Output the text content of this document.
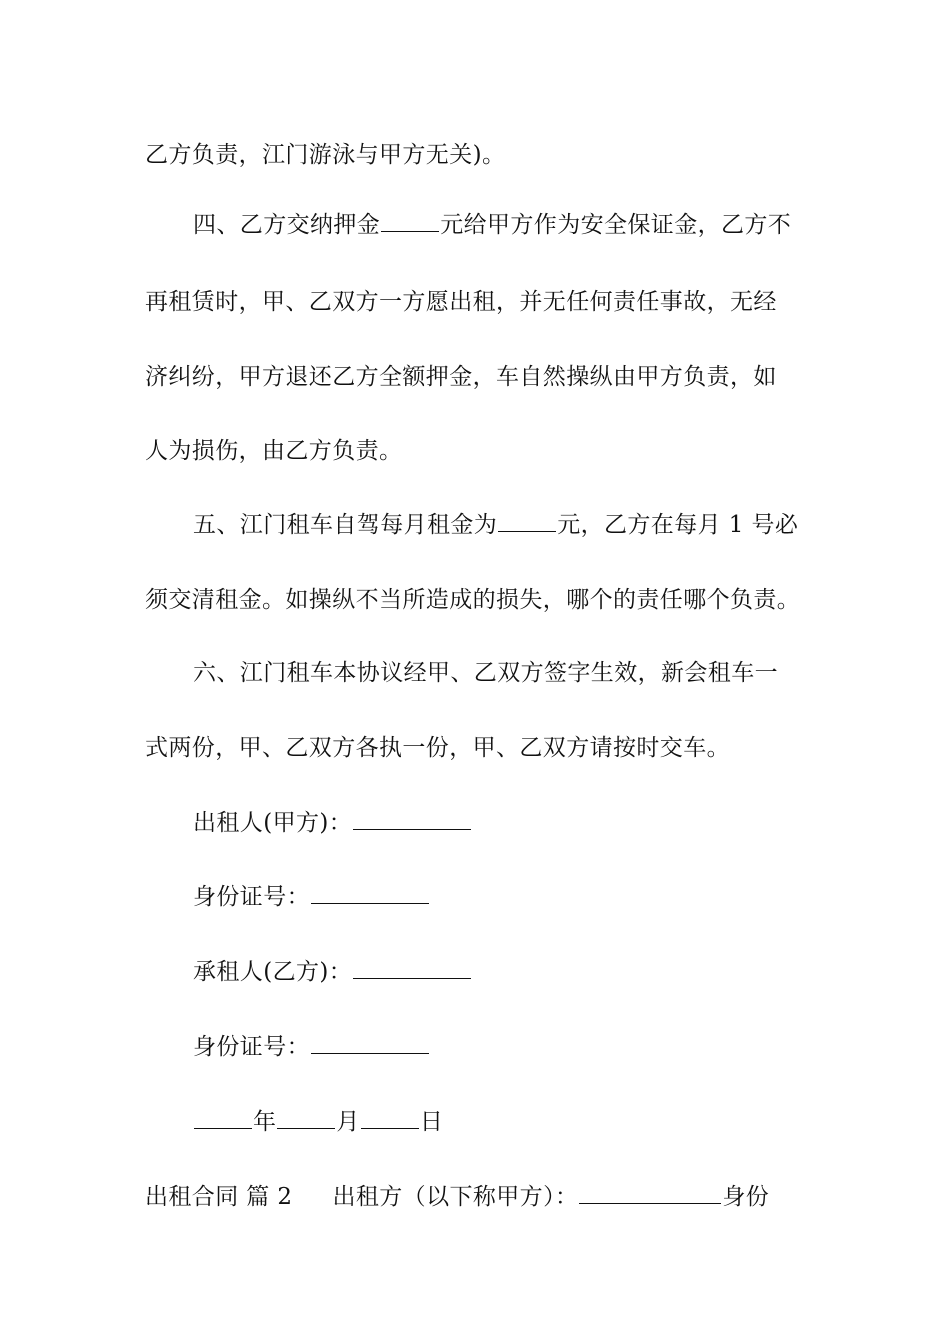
乙方负责，江门游泳与甲方无关)。
四、乙方交纳押金	元给甲方作为安全保证金，乙方不
再租赁时，甲、乙双方一方愿出租，并无任何责任事故，无经
济纠纷，甲方退还乙方全额押金，车自然操纵由甲方负责，如
人为损伤，由乙方负责。
五、江门租车自驾每月租金为	元，乙方在每月 1 号必
须交清租金。如操纵不当所造成的损失，哪个的责任哪个负责。
六、江门租车本协议经甲、乙双方签字生效，新会租车一
式两份，甲、乙双方各执一份，甲、乙双方请按时交车。
出租人(甲方)：
身份证号：
承租人(乙方)：
身份证号：
年	月	日
出租合同 篇 2 出租方（以下称甲方）：	身份
